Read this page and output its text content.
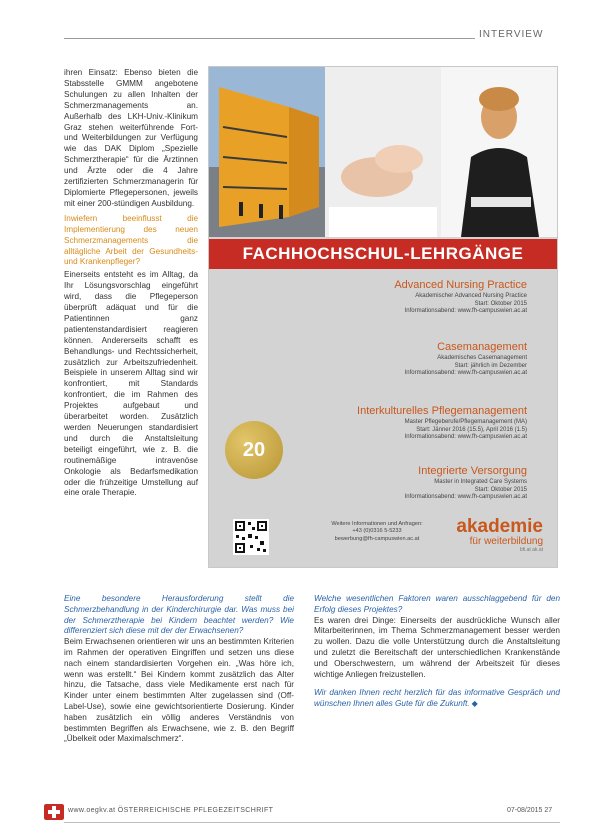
INTERVIEW

ihren Einsatz: Ebenso bieten die Stabsstelle GMMM angebotene Schulungen zu allen Inhalten der Schmerzmanagements an. Außerhalb des LKH-Univ.-Klinikum Graz stehen weiterführende Fort- und Weiterbildungen zur Verfügung wie das DAK Diplom „Spezielle Schmerztherapie“ für die Ärztinnen und Ärzte oder die 4 Jahre zertifizierten Schmerzmanagerin für Diplomierte Pflegepersonen, jeweils mit einer 200-stündigen Ausbildung.

Inwiefern beeinflusst die Implementierung des neuen Schmerzmanagements die alltägliche Arbeit der Gesundheits- und Krankenpfleger?

Einerseits entsteht es im Alltag, da Ihr Lösungsvorschlag eingeführt wird, dass die Pflegeperson überprüft adäquat und für die Patientinnen ganz patientenstandardisiert reagieren können. Andererseits schafft es Behandlungs- und Rechtssicherheit, zusätzlich zur Arbeitszufriedenheit. Beispiele in unserem Alltag sind wir konfrontiert, mit Standards konfrontiert, die im Rahmen des Projektes aufgebaut und überarbeitet worden. Zusätzlich werden Neuerungen standardisiert und durch die Anstaltsleitung beteiligt eingeführt, wie z. B. die routinemäßige intravenöse Onkologie als Bedarfsmedikation oder die frühzeitige Umstellung auf eine orale Therapie.

FACHHOCHSCHUL-LEHRGÄNGE
Advanced Nursing Practice
Akademischer Advanced Nursing Practice
Start: Oktober 2015
Informationsabend: www.fh-campuswien.ac.at
Casemanagement
Akademisches Casemanagement
Start: jährlich im Dezember
Informationsabend: www.fh-campuswien.ac.at
Interkulturelles Pflegemanagement
Master Pflegeberufe/Pflegemanagement (MA)
Start: Jänner 2016 (15.5), April 2016 (1.5)
Informationsabend: www.fh-campuswien.ac.at
Integrierte Versorgung
Master in Integrated Care Systems
Start: Oktober 2015
Informationsabend: www.fh-campuswien.ac.at
20
Weitere Informationen und Anfragen:
+43 (0)0316 5-5233
bewerbung@fh-campuswien.ac.at
akademie
für weiterbildung
bfi.at ak.at

Eine besondere Herausforderung stellt die Schmerzbehandlung in der Kinderchirurgie dar. Was muss bei der Schmerztherapie bei Kindern beachtet werden? Wie differenziert sich diese mit der der Erwachsenen?

Beim Erwachsenen orientieren wir uns an bestimmten Kriterien im Rahmen der operativen Eingriffen und setzen uns diese nach einem standardisierten Vorgehen ein. „Was höre ich, wenn was erstellt.“ Bei Kindern kommt zusätzlich das Alter hinzu, die Tatsache, dass viele Medikamente erst nach für Kinder unter einem bestimmten Alter zugelassen sind (Off-Label-Use), sowie eine gewichtsorientierte Dosierung. Kinder haben zusätzlich ein völlig anderes Verständnis von bestimmten Begriffen als Erwachsene, wie z. B. den Begriff „Übelkeit oder Maximalschmerz“.

Welche wesentlichen Faktoren waren ausschlaggebend für den Erfolg dieses Projektes?

Es waren drei Dinge: Einerseits der ausdrückliche Wunsch aller Mitarbeiterinnen, im Thema Schmerzmanagement besser werden zu wollen. Dazu die volle Unterstützung durch die Anstaltsleitung und zuletzt die Bereitschaft der unterschiedlichen Krankenstände und Oberschwestern, um während der Arbeitszeit für dieses wichtige Anliegen freizustellen.

Wir danken Ihnen recht herzlich für das informative Gespräch und wünschen Ihnen alles Gute für die Zukunft. ◆

www.oegkv.at ÖSTERREICHISCHE PFLEGEZEITSCHRIFT	07-08/2015 27
